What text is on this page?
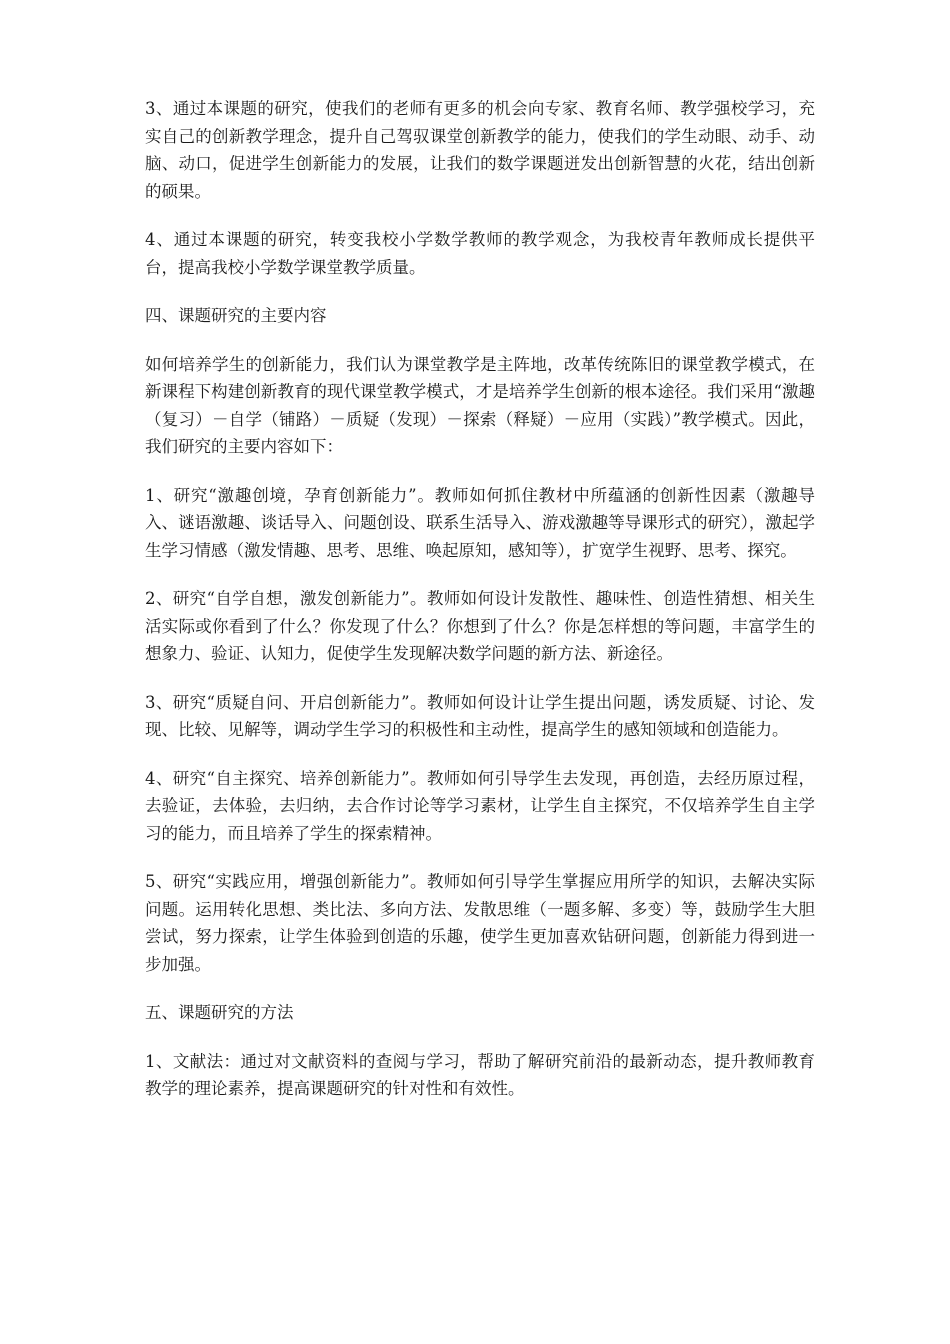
3、通过本课题的研究，使我们的老师有更多的机会向专家、教育名师、教学强校学习，充实自己的创新教学理念，提升自己驾驭课堂创新教学的能力，使我们的学生动眼、动手、动脑、动口，促进学生创新能力的发展，让我们的数学课题迸发出创新智慧的火花，结出创新的硕果。

4、通过本课题的研究，转变我校小学数学教师的教学观念，为我校青年教师成长提供平台，提高我校小学数学课堂教学质量。

四、课题研究的主要内容

如何培养学生的创新能力，我们认为课堂教学是主阵地，改革传统陈旧的课堂教学模式，在新课程下构建创新教育的现代课堂教学模式，才是培养学生创新的根本途径。我们采用“激趣（复习）－自学（铺路）－质疑（发现）－探索（释疑）－应用（实践）”教学模式。因此，我们研究的主要内容如下：

1、研究“激趣创境，孕育创新能力”。教师如何抓住教材中所蕴涵的创新性因素（激趣导入、谜语激趣、谈话导入、问题创设、联系生活导入、游戏激趣等导课形式的研究），激起学生学习情感（激发情趣、思考、思维、唤起原知，感知等），扩宽学生视野、思考、探究。

2、研究“自学自想，激发创新能力”。教师如何设计发散性、趣味性、创造性猜想、相关生活实际或你看到了什么？你发现了什么？你想到了什么？你是怎样想的等问题，丰富学生的想象力、验证、认知力，促使学生发现解决数学问题的新方法、新途径。

3、研究“质疑自问、开启创新能力”。教师如何设计让学生提出问题，诱发质疑、讨论、发现、比较、见解等，调动学生学习的积极性和主动性，提高学生的感知领域和创造能力。

4、研究“自主探究、培养创新能力”。教师如何引导学生去发现，再创造，去经历原过程，去验证，去体验，去归纳，去合作讨论等学习素材，让学生自主探究，不仅培养学生自主学习的能力，而且培养了学生的探索精神。

5、研究“实践应用，增强创新能力”。教师如何引导学生掌握应用所学的知识，去解决实际问题。运用转化思想、类比法、多向方法、发散思维（一题多解、多变）等，鼓励学生大胆尝试，努力探索，让学生体验到创造的乐趣，使学生更加喜欢钻研问题，创新能力得到进一步加强。

五、课题研究的方法

1、文献法：通过对文献资料的查阅与学习，帮助了解研究前沿的最新动态，提升教师教育教学的理论素养，提高课题研究的针对性和有效性。
